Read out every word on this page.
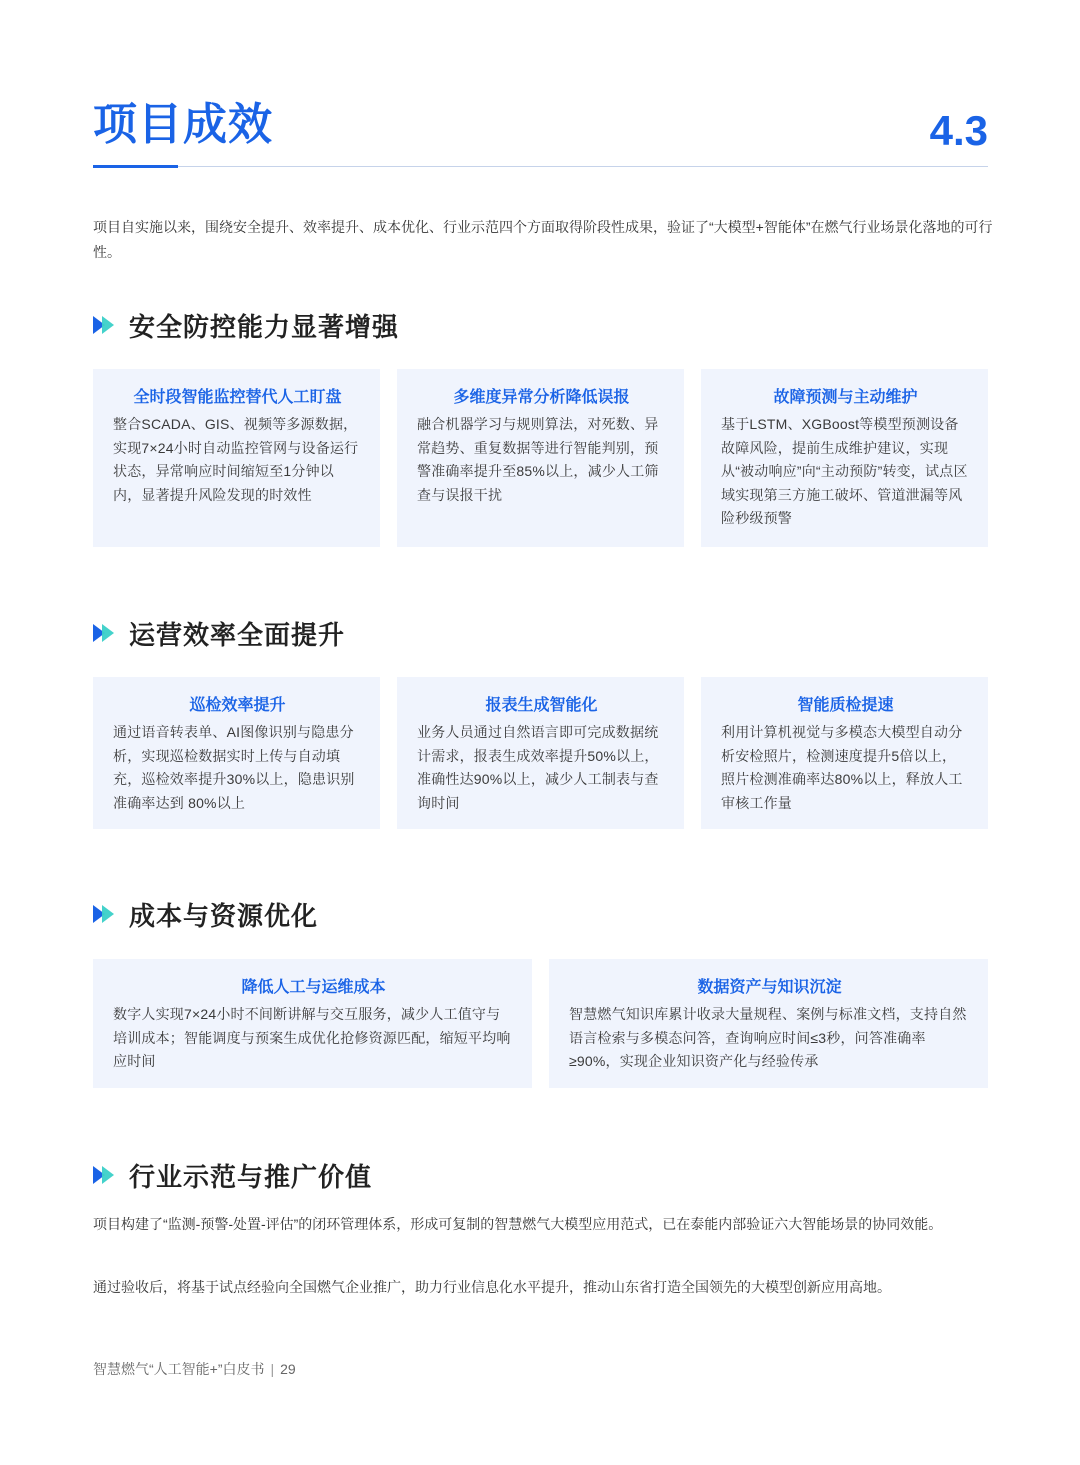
项目成效	4.3
项目自实施以来，围绕安全提升、效率提升、成本优化、行业示范四个方面取得阶段性成果，验证了“大模型+智能体”在燃气行业场景化落地的可行性。
安全防控能力显著增强
全时段智能监控替代人工盯盘
整合SCADA、GIS、视频等多源数据，实现7×24小时自动监控管网与设备运行状态，异常响应时间缩短至1分钟以内，显著提升风险发现的时效性
多维度异常分析降低误报
融合机器学习与规则算法，对死数、异常趋势、重复数据等进行智能判别，预警准确率提升至85%以上，减少人工筛查与误报干扰
故障预测与主动维护
基于LSTM、XGBoost等模型预测设备故障风险，提前生成维护建议，实现从“被动响应”向“主动预防”转变，试点区域实现第三方施工破坏、管道泄漏等风险秒级预警
运营效率全面提升
巡检效率提升
通过语音转表单、AI图像识别与隐患分析，实现巡检数据实时上传与自动填充，巡检效率提升30%以上，隐患识别准确率达到 80%以上
报表生成智能化
业务人员通过自然语言即可完成数据统计需求，报表生成效率提升50%以上，准确性达90%以上，减少人工制表与查询时间
智能质检提速
利用计算机视觉与多模态大模型自动分析安检照片，检测速度提升5倍以上，照片检测准确率达80%以上，释放人工审核工作量
成本与资源优化
降低人工与运维成本
数字人实现7×24小时不间断讲解与交互服务，减少人工值守与培训成本；智能调度与预案生成优化抢修资源匹配，缩短平均响应时间
数据资产与知识沉淀
智慧燃气知识库累计收录大量规程、案例与标准文档，支持自然语言检索与多模态问答，查询响应时间≤3秒，问答准确率≥90%，实现企业知识资产化与经验传承
行业示范与推广价值
项目构建了“监测-预警-处置-评估”的闭环管理体系，形成可复制的智慧燃气大模型应用范式，已在泰能内部验证六大智能场景的协同效能。
通过验收后，将基于试点经验向全国燃气企业推广，助力行业信息化水平提升，推动山东省打造全国领先的大模型创新应用高地。
智慧燃气“人工智能+”白皮书 | 29
